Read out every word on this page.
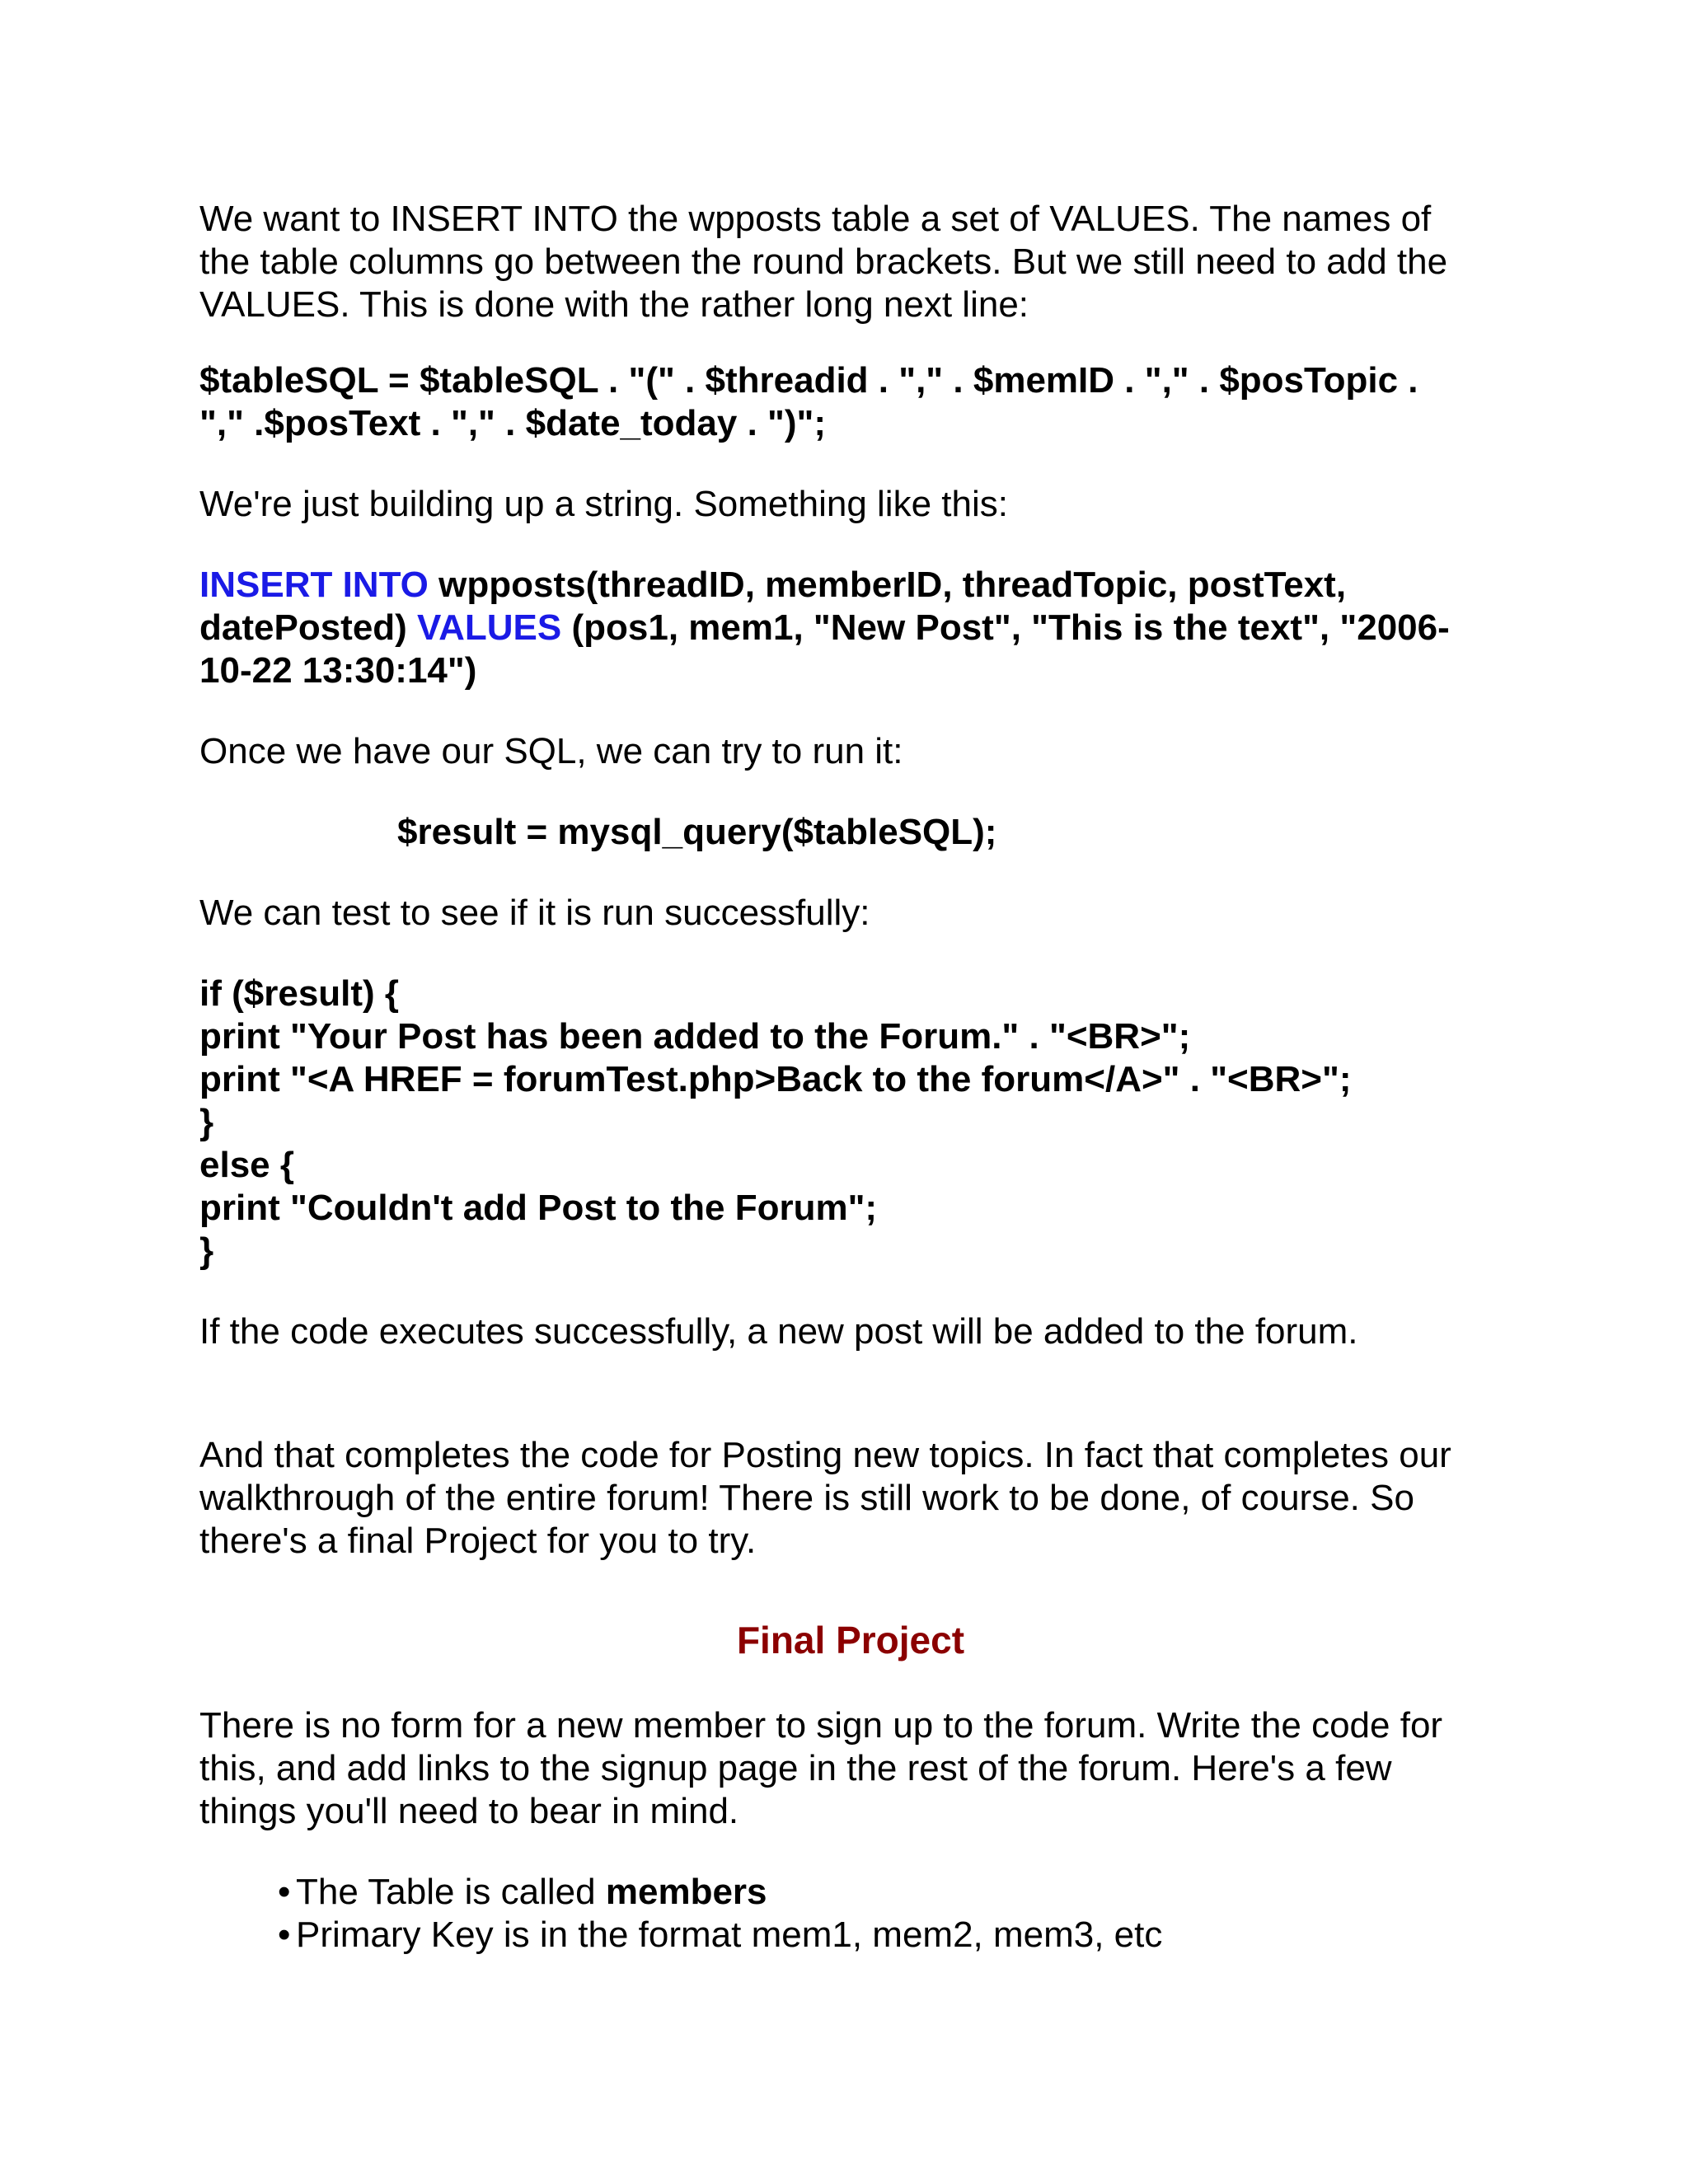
We want to INSERT INTO the wpposts table a set of VALUES. The names of the table columns go between the round brackets. But we still need to add the VALUES. This is done with the rather long next line:

$tableSQL = $tableSQL . "(" . $threadid . "," . $memID . "," . $posTopic .
"," .$posText . "," . $date_today . ")";

We're just building up a string. Something like this:

INSERT INTO wpposts(threadID, memberID, threadTopic, postText, datePosted) VALUES (pos1, mem1, "New Post", "This is the text", "2006-10-22 13:30:14")

Once we have our SQL, we can try to run it:

$result = mysql_query($tableSQL);

We can test to see if it is run successfully:

if ($result) {
print "Your Post has been added to the Forum." . "<BR>";
print "<A HREF = forumTest.php>Back to the forum</A>" . "<BR>";
}
else {
print "Couldn't add Post to the Forum";
}

If the code executes successfully, a new post will be added to the forum.

And that completes the code for Posting new topics. In fact that completes our walkthrough of the entire forum! There is still work to be done, of course. So there's a final Project for you to try.

Final Project

There is no form for a new member to sign up to the forum. Write the code for this, and add links to the signup page in the rest of the forum. Here's a few things you'll need to bear in mind.

• The Table is called members
• Primary Key is in the format mem1, mem2, mem3, etc
